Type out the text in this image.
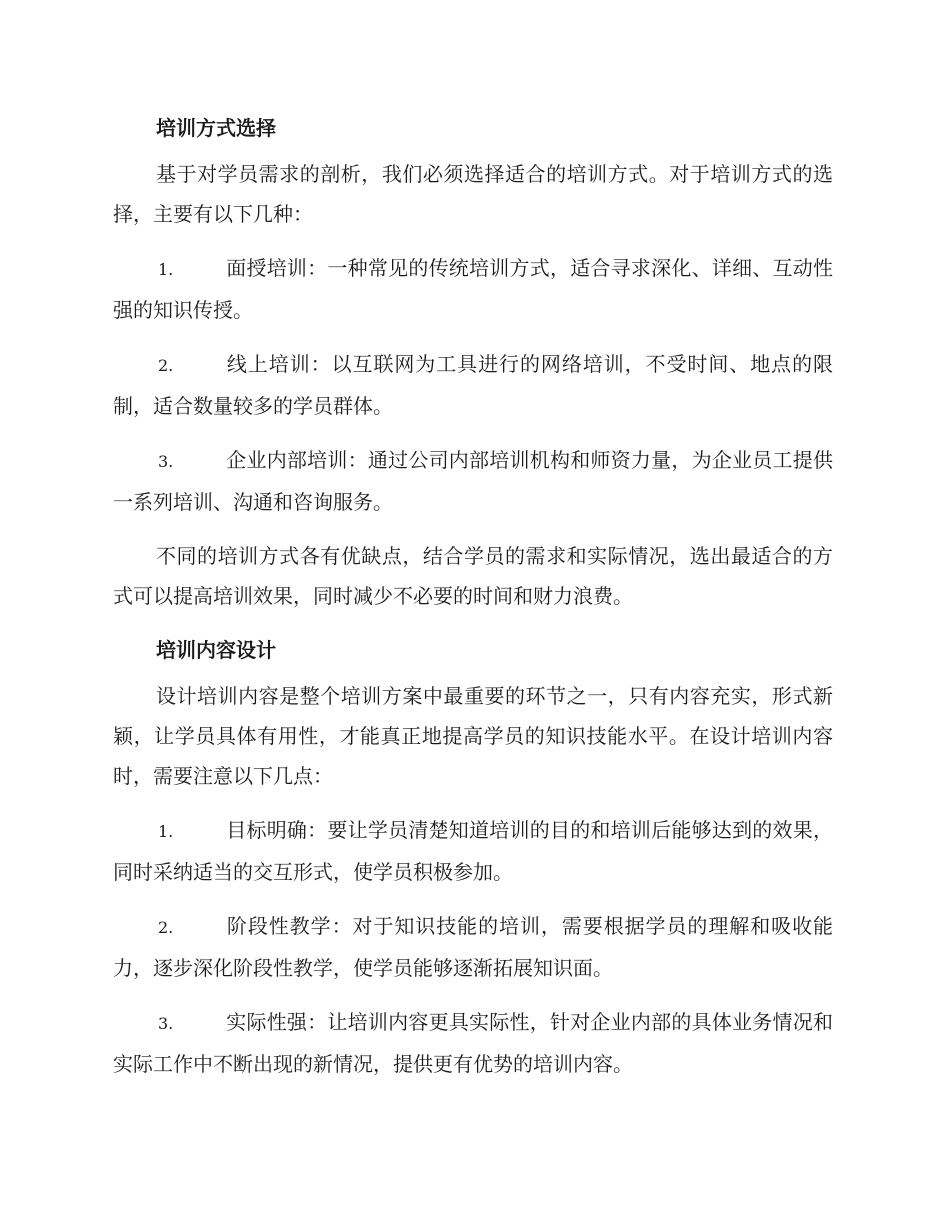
培训方式选择
基于对学员需求的剖析，我们必须选择适合的培训方式。对于培训方式的选择，主要有以下几种：
1.	面授培训：一种常见的传统培训方式，适合寻求深化、详细、互动性强的知识传授。
2.	线上培训：以互联网为工具进行的网络培训，不受时间、地点的限制，适合数量较多的学员群体。
3.	企业内部培训：通过公司内部培训机构和师资力量，为企业员工提供一系列培训、沟通和咨询服务。
不同的培训方式各有优缺点，结合学员的需求和实际情况，选出最适合的方式可以提高培训效果，同时减少不必要的时间和财力浪费。
培训内容设计
设计培训内容是整个培训方案中最重要的环节之一，只有内容充实，形式新颖，让学员具体有用性，才能真正地提高学员的知识技能水平。在设计培训内容时，需要注意以下几点：
1.	目标明确：要让学员清楚知道培训的目的和培训后能够达到的效果，同时采纳适当的交互形式，使学员积极参加。
2.	阶段性教学：对于知识技能的培训，需要根据学员的理解和吸收能力，逐步深化阶段性教学，使学员能够逐渐拓展知识面。
3.	实际性强：让培训内容更具实际性，针对企业内部的具体业务情况和实际工作中不断出现的新情况，提供更有优势的培训内容。
